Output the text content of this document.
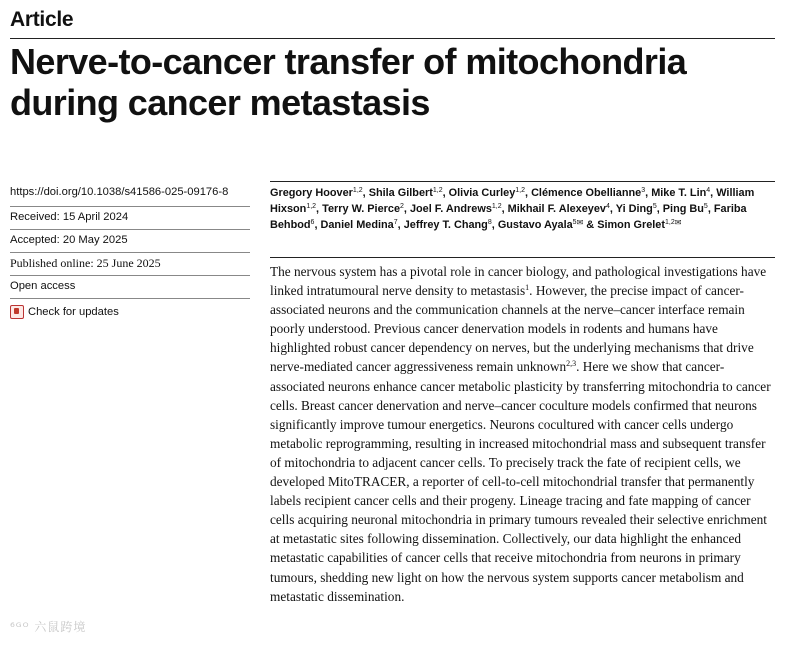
Article
Nerve-to-cancer transfer of mitochondria during cancer metastasis
https://doi.org/10.1038/s41586-025-09176-8
Received: 15 April 2024
Accepted: 20 May 2025
Published online: 25 June 2025
Open access
Check for updates
Gregory Hoover$^{1,2}$, Shila Gilbert$^{1,2}$, Olivia Curley$^{1,2}$, Clémence Obellianne$^3$, Mike T. Lin$^4$, William Hixson$^{1,2}$, Terry W. Pierce$^2$, Joel F. Andrews$^{1,2}$, Mikhail F. Alexeyev$^4$, Yi Ding$^5$, Ping Bu$^5$, Fariba Behbod$^6$, Daniel Medina$^7$, Jeffrey T. Chang$^8$, Gustavo Ayala$^{5✉}$ & Simon Grelet$^{1,2✉}$
The nervous system has a pivotal role in cancer biology, and pathological investigations have linked intratumoural nerve density to metastasis$^1$. However, the precise impact of cancer-associated neurons and the communication channels at the nerve–cancer interface remain poorly understood. Previous cancer denervation models in rodents and humans have highlighted robust cancer dependency on nerves, but the underlying mechanisms that drive nerve-mediated cancer aggressiveness remain unknown$^{2,3}$. Here we show that cancer-associated neurons enhance cancer metabolic plasticity by transferring mitochondria to cancer cells. Breast cancer denervation and nerve–cancer coculture models confirmed that neurons significantly improve tumour energetics. Neurons cocultured with cancer cells undergo metabolic reprogramming, resulting in increased mitochondrial mass and subsequent transfer of mitochondria to adjacent cancer cells. To precisely track the fate of recipient cells, we developed MitoTRACER, a reporter of cell-to-cell mitochondrial transfer that permanently labels recipient cancer cells and their progeny. Lineage tracing and fate mapping of cancer cells acquiring neuronal mitochondria in primary tumours revealed their selective enrichment at metastatic sites following dissemination. Collectively, our data highlight the enhanced metastatic capabilities of cancer cells that receive mitochondria from neurons in primary tumours, shedding new light on how the nervous system supports cancer metabolism and metastatic dissemination.
⁶ᴳᴼ 六鼠跨境
